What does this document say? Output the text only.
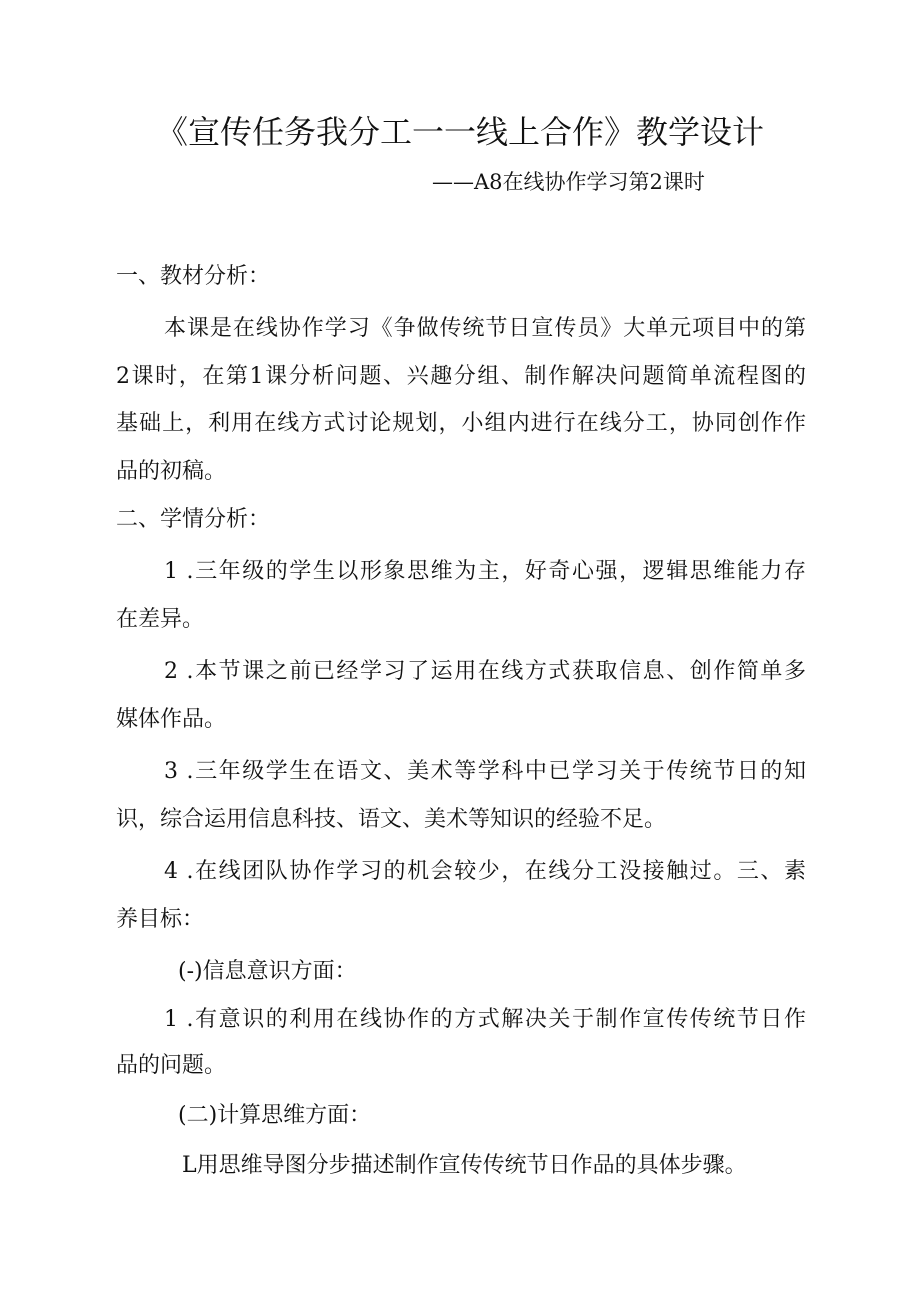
《宣传任务我分工一一线上合作》教学设计
——A8在线协作学习第2课时
一、教材分析：
本课是在线协作学习《争做传统节日宣传员》大单元项目中的第
2课时，在第1课分析问题、兴趣分组、制作解决问题简单流程图的
基础上，利用在线方式讨论规划，小组内进行在线分工，协同创作作
品的初稿。
二、学情分析：
1 .三年级的学生以形象思维为主，好奇心强，逻辑思维能力存
在差异。
2 .本节课之前已经学习了运用在线方式获取信息、创作简单多
媒体作品。
3 .三年级学生在语文、美术等学科中已学习关于传统节日的知
识，综合运用信息科技、语文、美术等知识的经验不足。
4 .在线团队协作学习的机会较少，在线分工没接触过。三、素
养目标：
(-)信息意识方面：
1 .有意识的利用在线协作的方式解决关于制作宣传传统节日作
品的问题。
(二)计算思维方面：
L用思维导图分步描述制作宣传传统节日作品的具体步骤。
